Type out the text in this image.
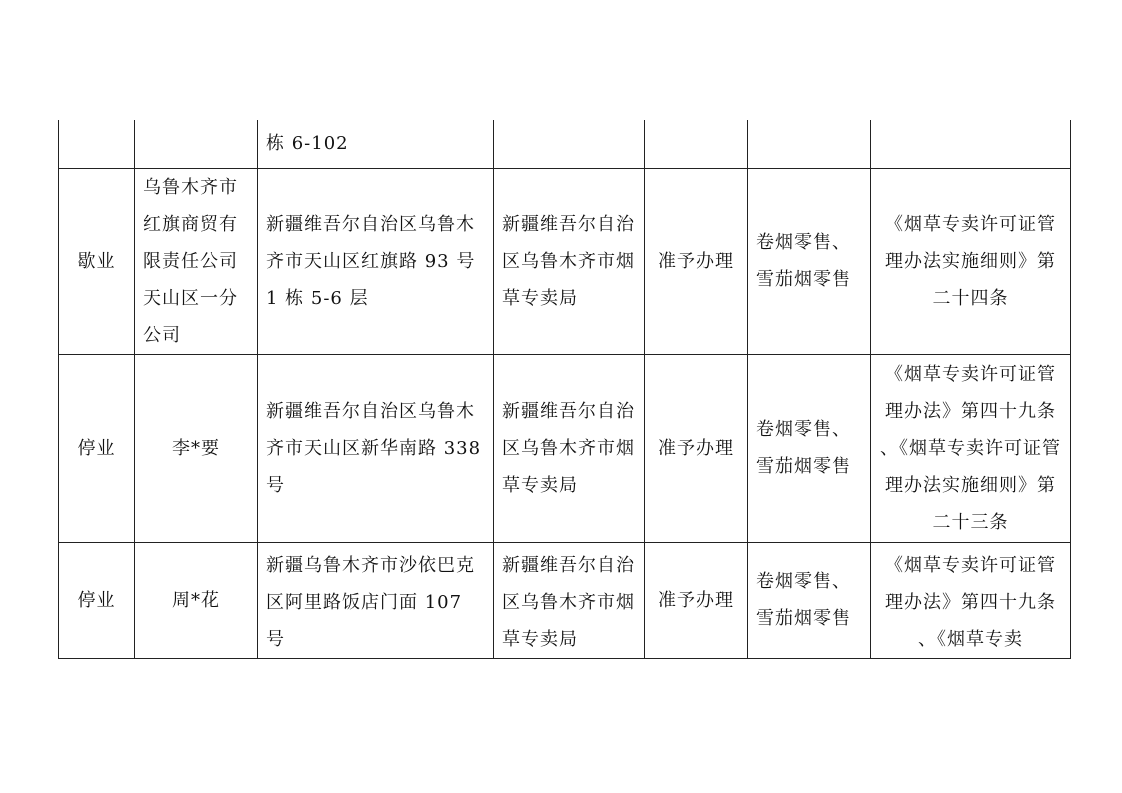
		栋 6-102				
歇业	乌鲁木齐市红旗商贸有限责任公司天山区一分公司	新疆维吾尔自治区乌鲁木齐市天山区红旗路 93 号 1 栋 5-6 层	新疆维吾尔自治区乌鲁木齐市烟草专卖局	准予办理	卷烟零售、雪茄烟零售	《烟草专卖许可证管理办法实施细则》第二十四条
停业	李*要	新疆维吾尔自治区乌鲁木齐市天山区新华南路 338 号	新疆维吾尔自治区乌鲁木齐市烟草专卖局	准予办理	卷烟零售、雪茄烟零售	《烟草专卖许可证管理办法》第四十九条 、《烟草专卖许可证管理办法实施细则》第二十三条
停业	周*花	新疆乌鲁木齐市沙依巴克区阿里路饭店门面 107 号	新疆维吾尔自治区乌鲁木齐市烟草专卖局	准予办理	卷烟零售、雪茄烟零售	《烟草专卖许可证管理办法》第四十九条 、《烟草专卖
